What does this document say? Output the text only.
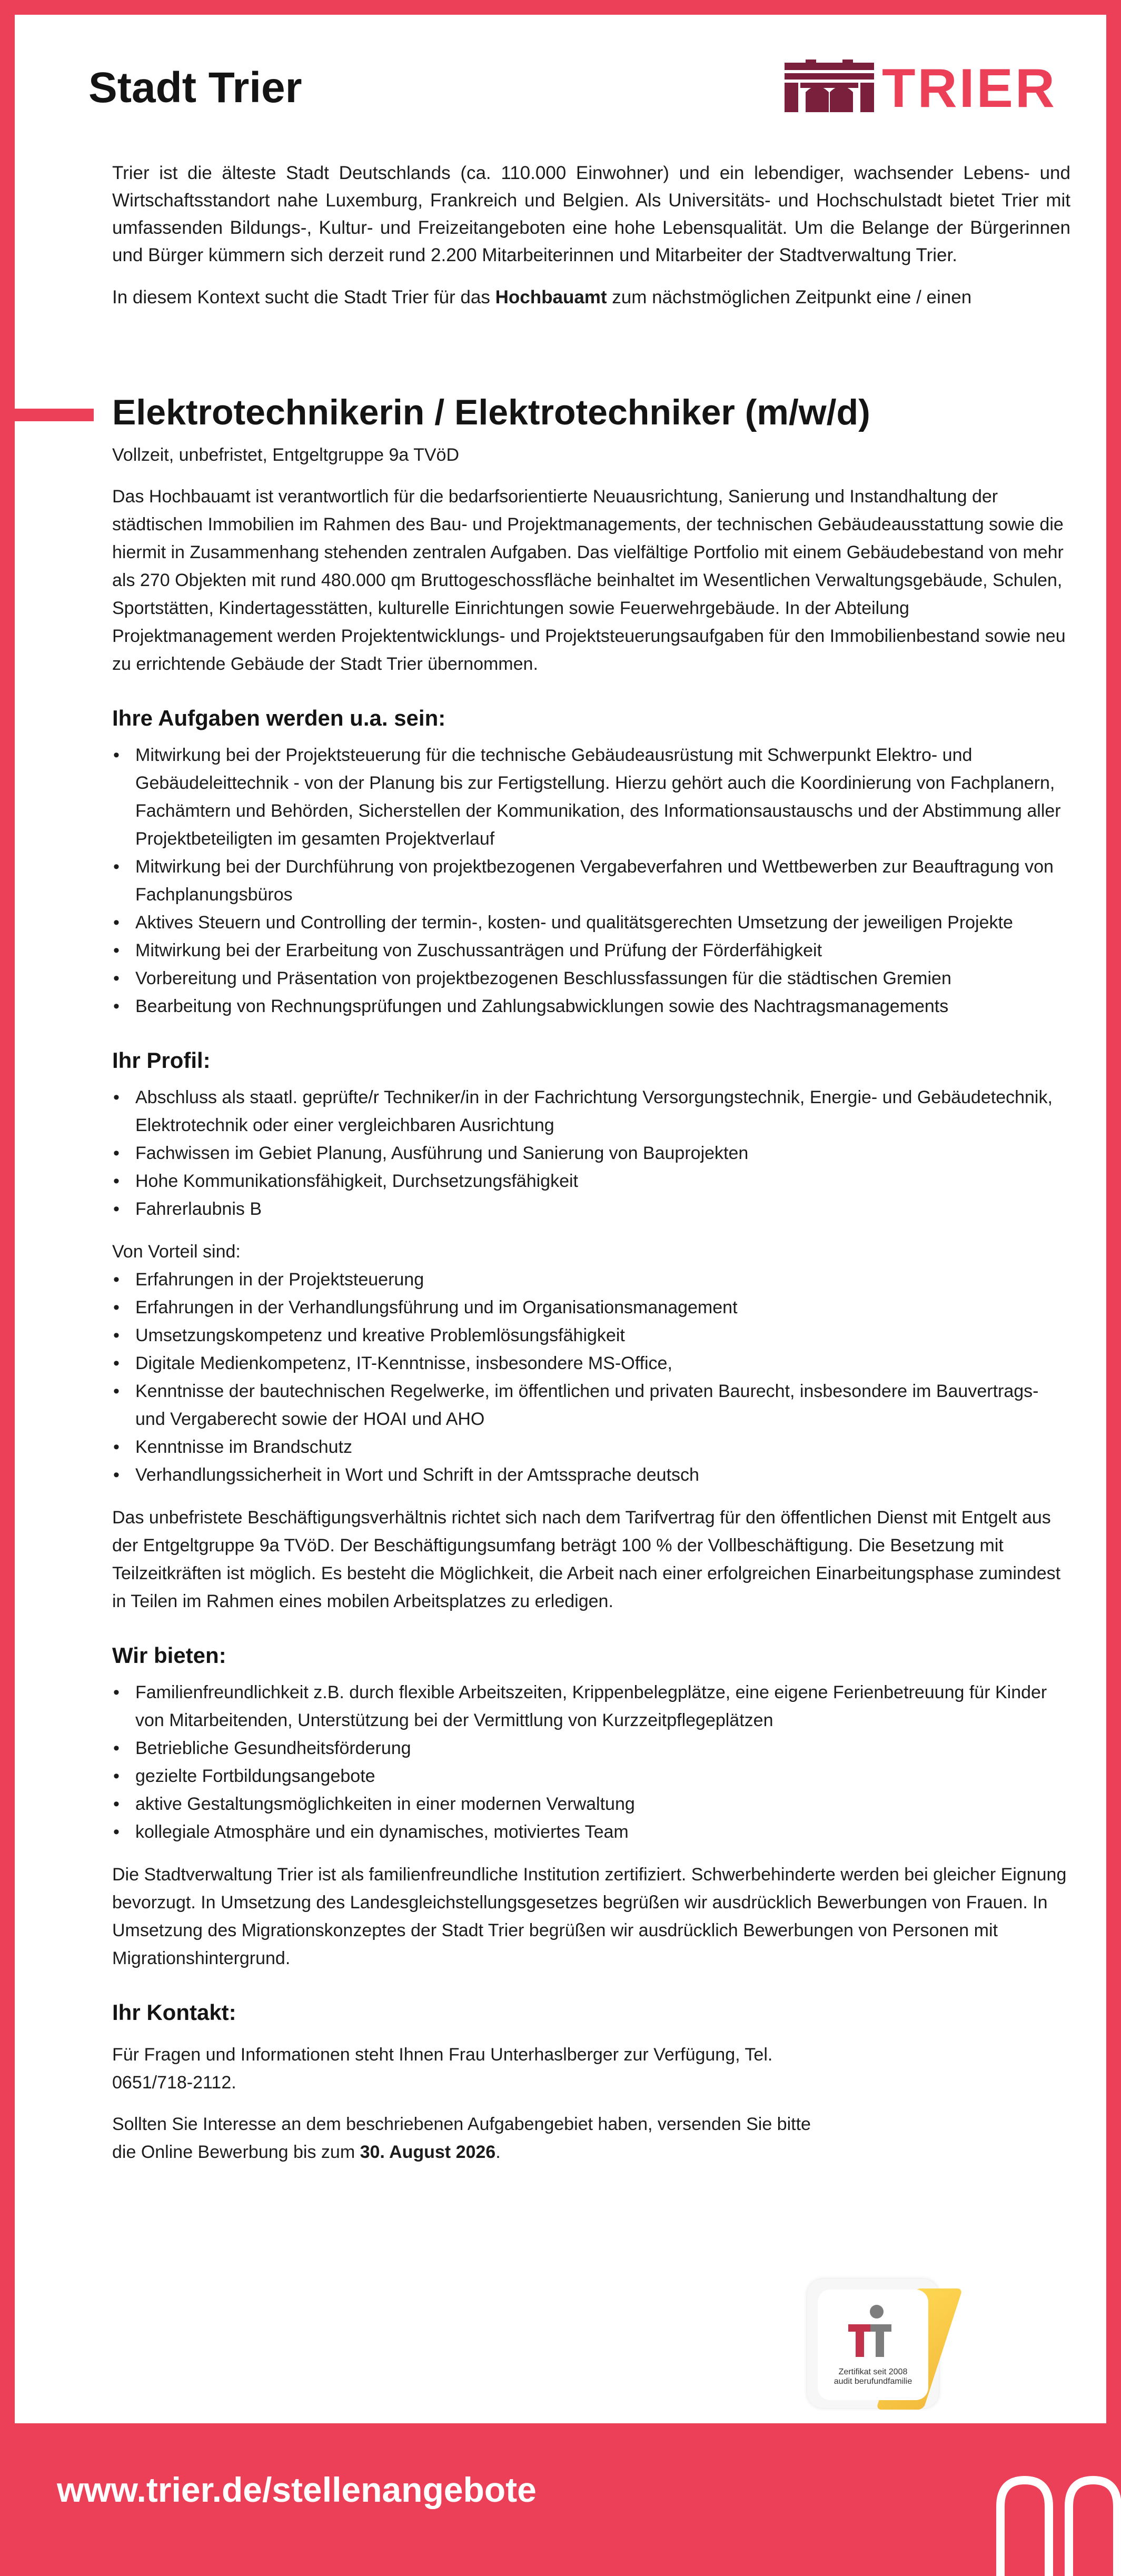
Stadt Trier	TRIER

Trier ist die älteste Stadt Deutschlands (ca. 110.000 Einwohner) und ein lebendiger, wachsender Lebens- und Wirtschaftsstandort nahe Luxemburg, Frankreich und Belgien. Als Universitäts- und Hochschulstadt bietet Trier mit umfassenden Bildungs-, Kultur- und Freizeitangeboten eine hohe Lebensqualität. Um die Belange der Bürgerinnen und Bürger kümmern sich derzeit rund 2.200 Mitarbeiterinnen und Mitarbeiter der Stadtverwaltung Trier.

In diesem Kontext sucht die Stadt Trier für das Hochbauamt zum nächstmöglichen Zeitpunkt eine / einen

Elektrotechnikerin / Elektrotechniker (m/w/d)

Vollzeit, unbefristet, Entgeltgruppe 9a TVöD

Das Hochbauamt ist verantwortlich für die bedarfsorientierte Neuausrichtung, Sanierung und Instandhaltung der städtischen Immobilien im Rahmen des Bau- und Projektmanagements, der technischen Gebäudeausstattung sowie die hiermit in Zusammenhang stehenden zentralen Aufgaben. Das vielfältige Portfolio mit einem Gebäudebestand von mehr als 270 Objekten mit rund 480.000 qm Bruttogeschossfläche beinhaltet im Wesentlichen Verwaltungsgebäude, Schulen, Sportstätten, Kindertagesstätten, kulturelle Einrichtungen sowie Feuerwehrgebäude. In der Abteilung Projektmanagement werden Projektentwicklungs- und Projektsteuerungsaufgaben für den Immobilienbestand sowie neu zu errichtende Gebäude der Stadt Trier übernommen.

Ihre Aufgaben werden u.a. sein:
• Mitwirkung bei der Projektsteuerung für die technische Gebäudeausrüstung mit Schwerpunkt Elektro- und Gebäudeleittechnik - von der Planung bis zur Fertigstellung. Hierzu gehört auch die Koordinierung von Fachplanern, Fachämtern und Behörden, Sicherstellen der Kommunikation, des Informationsaustauschs und der Abstimmung aller Projektbeteiligten im gesamten Projektverlauf
• Mitwirkung bei der Durchführung von projektbezogenen Vergabeverfahren und Wettbewerben zur Beauftragung von Fachplanungsbüros
• Aktives Steuern und Controlling der termin-, kosten- und qualitätsgerechten Umsetzung der jeweiligen Projekte
• Mitwirkung bei der Erarbeitung von Zuschussanträgen und Prüfung der Förderfähigkeit
• Vorbereitung und Präsentation von projektbezogenen Beschlussfassungen für die städtischen Gremien
• Bearbeitung von Rechnungsprüfungen und Zahlungsabwicklungen sowie des Nachtragsmanagements
Ihr Profil:
• Abschluss als staatl. geprüfte/r Techniker/in in der Fachrichtung Versorgungstechnik, Energie- und Gebäudetechnik, Elektrotechnik oder einer vergleichbaren Ausrichtung
• Fachwissen im Gebiet Planung, Ausführung und Sanierung von Bauprojekten
• Hohe Kommunikationsfähigkeit, Durchsetzungsfähigkeit
• Fahrerlaubnis B

Von Vorteil sind:

• Erfahrungen in der Projektsteuerung
• Erfahrungen in der Verhandlungsführung und im Organisationsmanagement
• Umsetzungskompetenz und kreative Problemlösungsfähigkeit
• Digitale Medienkompetenz, IT-Kenntnisse, insbesondere MS-Office,
• Kenntnisse der bautechnischen Regelwerke, im öffentlichen und privaten Baurecht, insbesondere im Bauvertrags- und Vergaberecht sowie der HOAI und AHO
• Kenntnisse im Brandschutz
• Verhandlungssicherheit in Wort und Schrift in der Amtssprache deutsch

Das unbefristete Beschäftigungsverhältnis richtet sich nach dem Tarifvertrag für den öffentlichen Dienst mit Entgelt aus der Entgeltgruppe 9a TVöD. Der Beschäftigungsumfang beträgt 100 % der Vollbeschäftigung. Die Besetzung mit Teilzeitkräften ist möglich. Es besteht die Möglichkeit, die Arbeit nach einer erfolgreichen Einarbeitungsphase zumindest in Teilen im Rahmen eines mobilen Arbeitsplatzes zu erledigen.

Wir bieten:
• Familienfreundlichkeit z.B. durch flexible Arbeitszeiten, Krippenbelegplätze, eine eigene Ferienbetreuung für Kinder von Mitarbeitenden, Unterstützung bei der Vermittlung von Kurzzeitpflegeplätzen
• Betriebliche Gesundheitsförderung
• gezielte Fortbildungsangebote
• aktive Gestaltungsmöglichkeiten in einer modernen Verwaltung
• kollegiale Atmosphäre und ein dynamisches, motiviertes Team

Die Stadtverwaltung Trier ist als familienfreundliche Institution zertifiziert. Schwerbehinderte werden bei gleicher Eignung bevorzugt. In Umsetzung des Landesgleichstellungsgesetzes begrüßen wir ausdrücklich Bewerbungen von Frauen. In Umsetzung des Migrationskonzeptes der Stadt Trier begrüßen wir ausdrücklich Bewerbungen von Personen mit Migrationshintergrund.

Ihr Kontakt:

Für Fragen und Informationen steht Ihnen Frau Unterhaslberger zur Verfügung, Tel. 0651/718-2112.

Sollten Sie Interesse an dem beschriebenen Aufgabengebiet haben, versenden Sie bitte die Online Bewerbung bis zum 30. August 2026.

Zertifikat seit 2008
audit berufundfamilie

www.trier.de/stellenangebote
